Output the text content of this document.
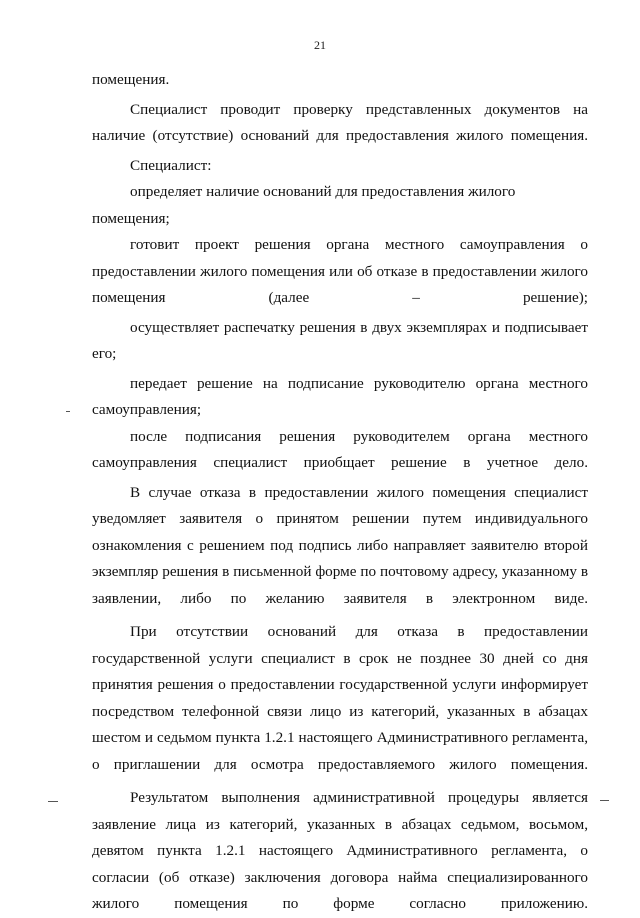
21

помещения.

Специалист проводит проверку представленных документов на наличие (отсутствие) оснований для предоставления жилого помещения.

Специалист:

определяет наличие оснований для предоставления жилого помещения;

готовит проект решения органа местного самоуправления о предоставлении жилого помещения или об отказе в предоставлении жилого помещения (далее – решение);

осуществляет распечатку решения в двух экземплярах и подписывает его;

передает решение на подписание руководителю органа местного самоуправления;

после подписания решения руководителем органа местного самоуправления специалист приобщает решение в учетное дело.

В случае отказа в предоставлении жилого помещения специалист уведомляет заявителя о принятом решении путем индивидуального ознакомления с решением под подпись либо направляет заявителю второй экземпляр решения в письменной форме по почтовому адресу, указанному в заявлении, либо по желанию заявителя в электронном виде.

При отсутствии оснований для отказа в предоставлении государственной услуги специалист в срок не позднее 30 дней со дня принятия решения о предоставлении государственной услуги информирует посредством телефонной связи лицо из категорий, указанных в абзацах шестом и седьмом пункта 1.2.1 настоящего Административного регламента, о приглашении для осмотра предоставляемого жилого помещения.

Результатом выполнения административной процедуры является заявление лица из категорий, указанных в абзацах седьмом, восьмом, девятом пункта 1.2.1 настоящего Административного регламента, о согласии (об отказе) заключения договора найма специализированного жилого помещения по форме согласно приложению.
